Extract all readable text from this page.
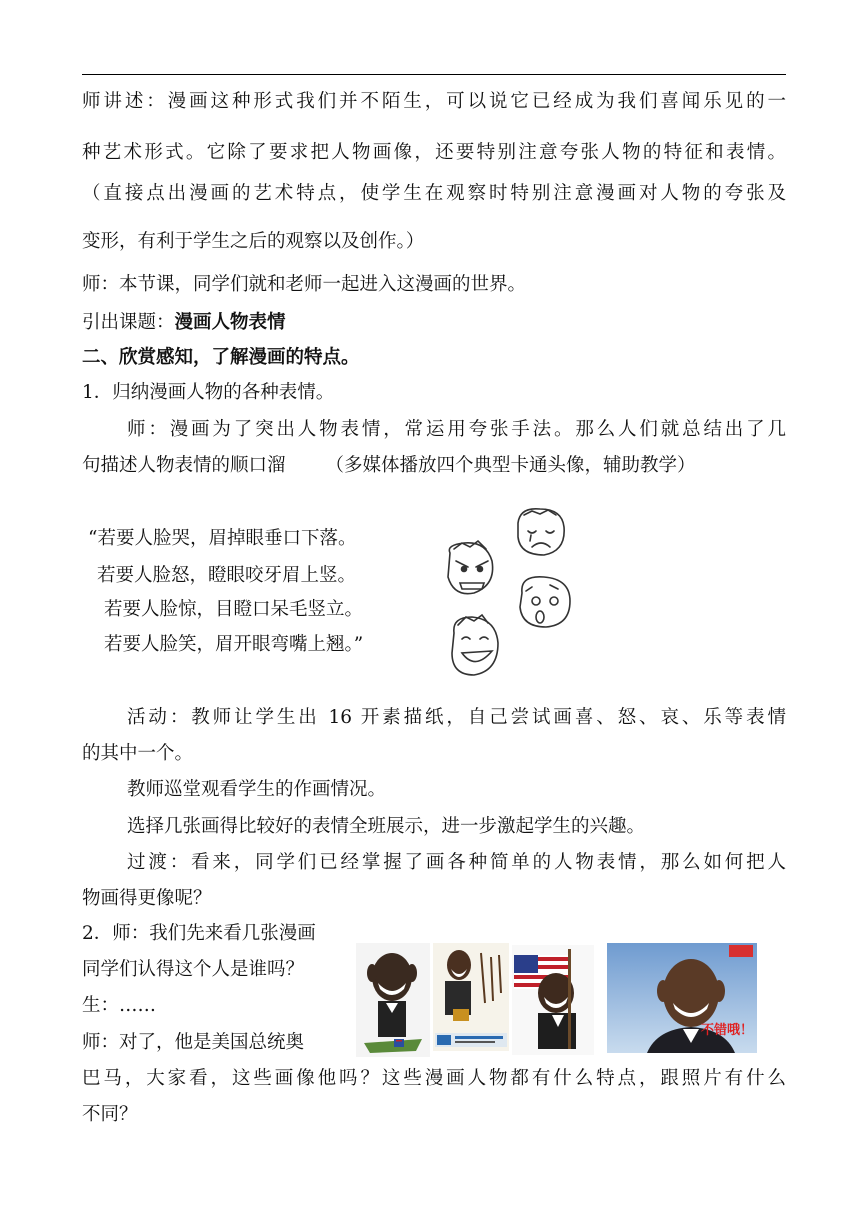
师讲述：漫画这种形式我们并不陌生，可以说它已经成为我们喜闻乐见的一
种艺术形式。它除了要求把人物画像，还要特别注意夸张人物的特征和表情。
（直接点出漫画的艺术特点，使学生在观察时特别注意漫画对人物的夸张及
变形，有利于学生之后的观察以及创作。）
师：本节课，同学们就和老师一起进入这漫画的世界。
引出课题：漫画人物表情
二、欣赏感知，了解漫画的特点。
1．归纳漫画人物的各种表情。
师：漫画为了突出人物表情，常运用夸张手法。那么人们就总结出了几
句描述人物表情的顺口溜 （多媒体播放四个典型卡通头像，辅助教学）
“若要人脸哭，眉掉眼垂口下落。
若要人脸怒，瞪眼咬牙眉上竖。
若要人脸惊，目瞪口呆毛竖立。
若要人脸笑，眉开眼弯嘴上翘。”
活动：教师让学生出 16 开素描纸，自己尝试画喜、怒、哀、乐等表情
的其中一个。
教师巡堂观看学生的作画情况。
选择几张画得比较好的表情全班展示，进一步激起学生的兴趣。
过渡：看来，同学们已经掌握了画各种简单的人物表情，那么如何把人
物画得更像呢？
2．师：我们先来看几张漫画
同学们认得这个人是谁吗？
生：……
师：对了，他是美国总统奥
巴马，大家看，这些画像他吗？这些漫画人物都有什么特点，跟照片有什么
不同？
不错哦！
